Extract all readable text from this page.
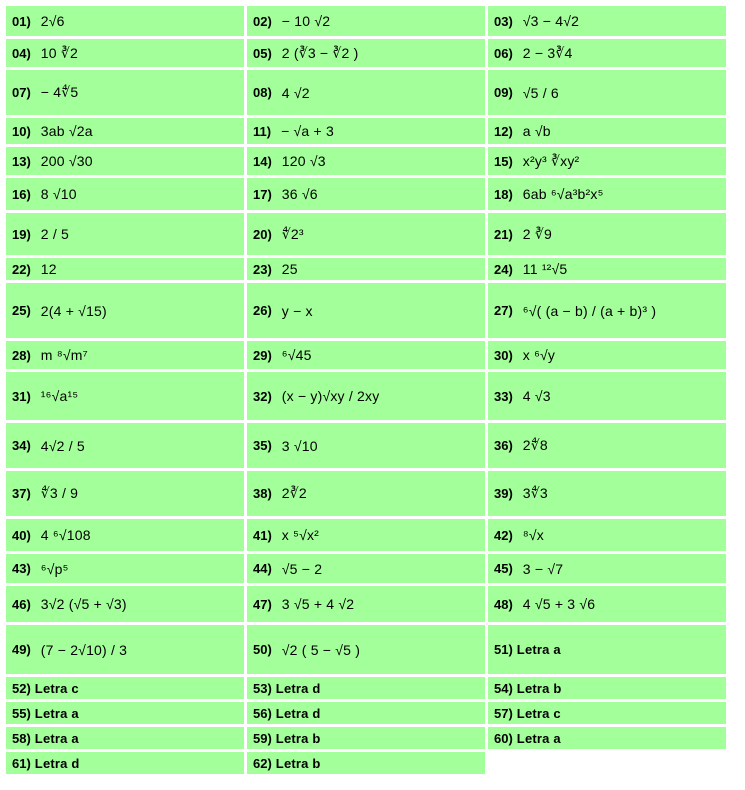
01) 2√6	02) − 10 √2	03) √3 − 4√2
04) 10 ∛2	05) 2 (∛3 − ∛2 )	06) 2 − 3∛4
07) − 4∜5	08) 4 √2	09) √5 / 6
10) 3ab √2a	11) − √a + 3	12) a √b
13) 200 √30	14) 120 √3	15) x²y³ ∛xy²
16) 8 √10	17) 36 √6	18) 6ab ⁶√a³b²x⁵
19) 2 / 5	20) ∜2³	21) 2 ∛9
22) 12	23) 25	24) 11 ¹²√5
25) 2(4 + √15)	26) y − x	27) ⁶√( (a − b) / (a + b)³ )
28) m ⁸√m⁷	29) ⁶√45	30) x ⁶√y
31) ¹⁶√a¹⁵	32) (x − y)√xy / 2xy	33) 4 √3
34) 4√2 / 5	35) 3 √10	36) 2∜8
37) ∜3 / 9	38) 2∛2	39) 3∜3
40) 4 ⁶√108	41) x ⁵√x²	42) ⁸√x
43) ⁶√p⁵	44) √5 − 2	45) 3 − √7
46) 3√2 (√5 + √3)	47) 3 √5 + 4 √2	48) 4 √5 + 3 √6
49) (7 − 2√10) / 3	50) √2 ( 5 − √5 )	51) Letra a
52) Letra c	53) Letra d	54) Letra b
55) Letra a	56) Letra d	57) Letra c
58) Letra a	59) Letra b	60) Letra a
61) Letra d	62) Letra b
